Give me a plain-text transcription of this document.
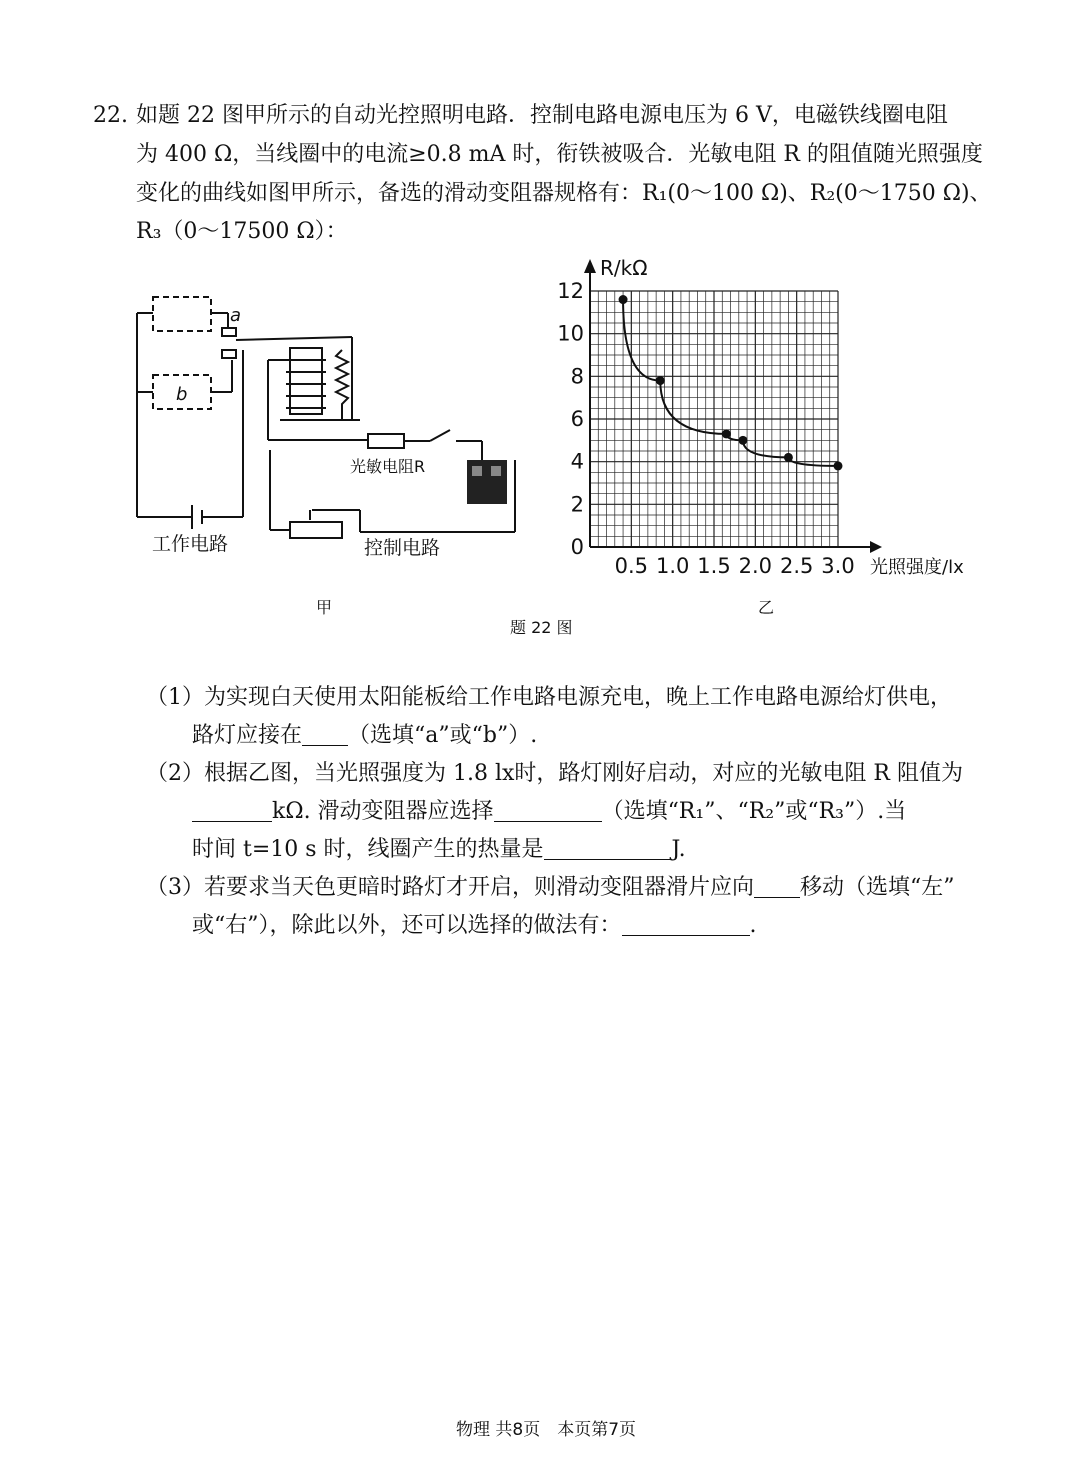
22. 如题 22 图甲所示的自动光控照明电路．控制电路电源电压为 6 V，电磁铁线圈电阻
为 400 Ω，当线圈中的电流≥0.8 mA 时，衔铁被吸合．光敏电阻 R 的阻值随光照强度
变化的曲线如图甲所示，备选的滑动变阻器规格有：R₁(0～100 Ω)、R₂(0～1750 Ω)、
R₃（0～17500 Ω）：
a
b
光敏电阻R
工作电路	控制电路
甲
0.5 1.0 1.5 2.0 2.5 3.0
0
2
4
6
8
10
12
R/kΩ
光照强度/lx
乙
题 22 图
（1）为实现白天使用太阳能板给工作电路电源充电，晚上工作电路电源给灯供电，
路灯应接在 （选填“a”或“b”）.
（2）根据乙图，当光照强度为 1.8 lx时，路灯刚好启动，对应的光敏电阻 R 阻值为
kΩ. 滑动变阻器应选择	（选填“R₁”、“R₂”或“R₃”）.当
时间 t=10 s 时，线圈产生的热量是	J.
（3）若要求当天色更暗时路灯才开启，则滑动变阻器滑片应向 移动（选填“左”
或“右”），除此以外，还可以选择的做法有：	.
物理 共8页　本页第7页
